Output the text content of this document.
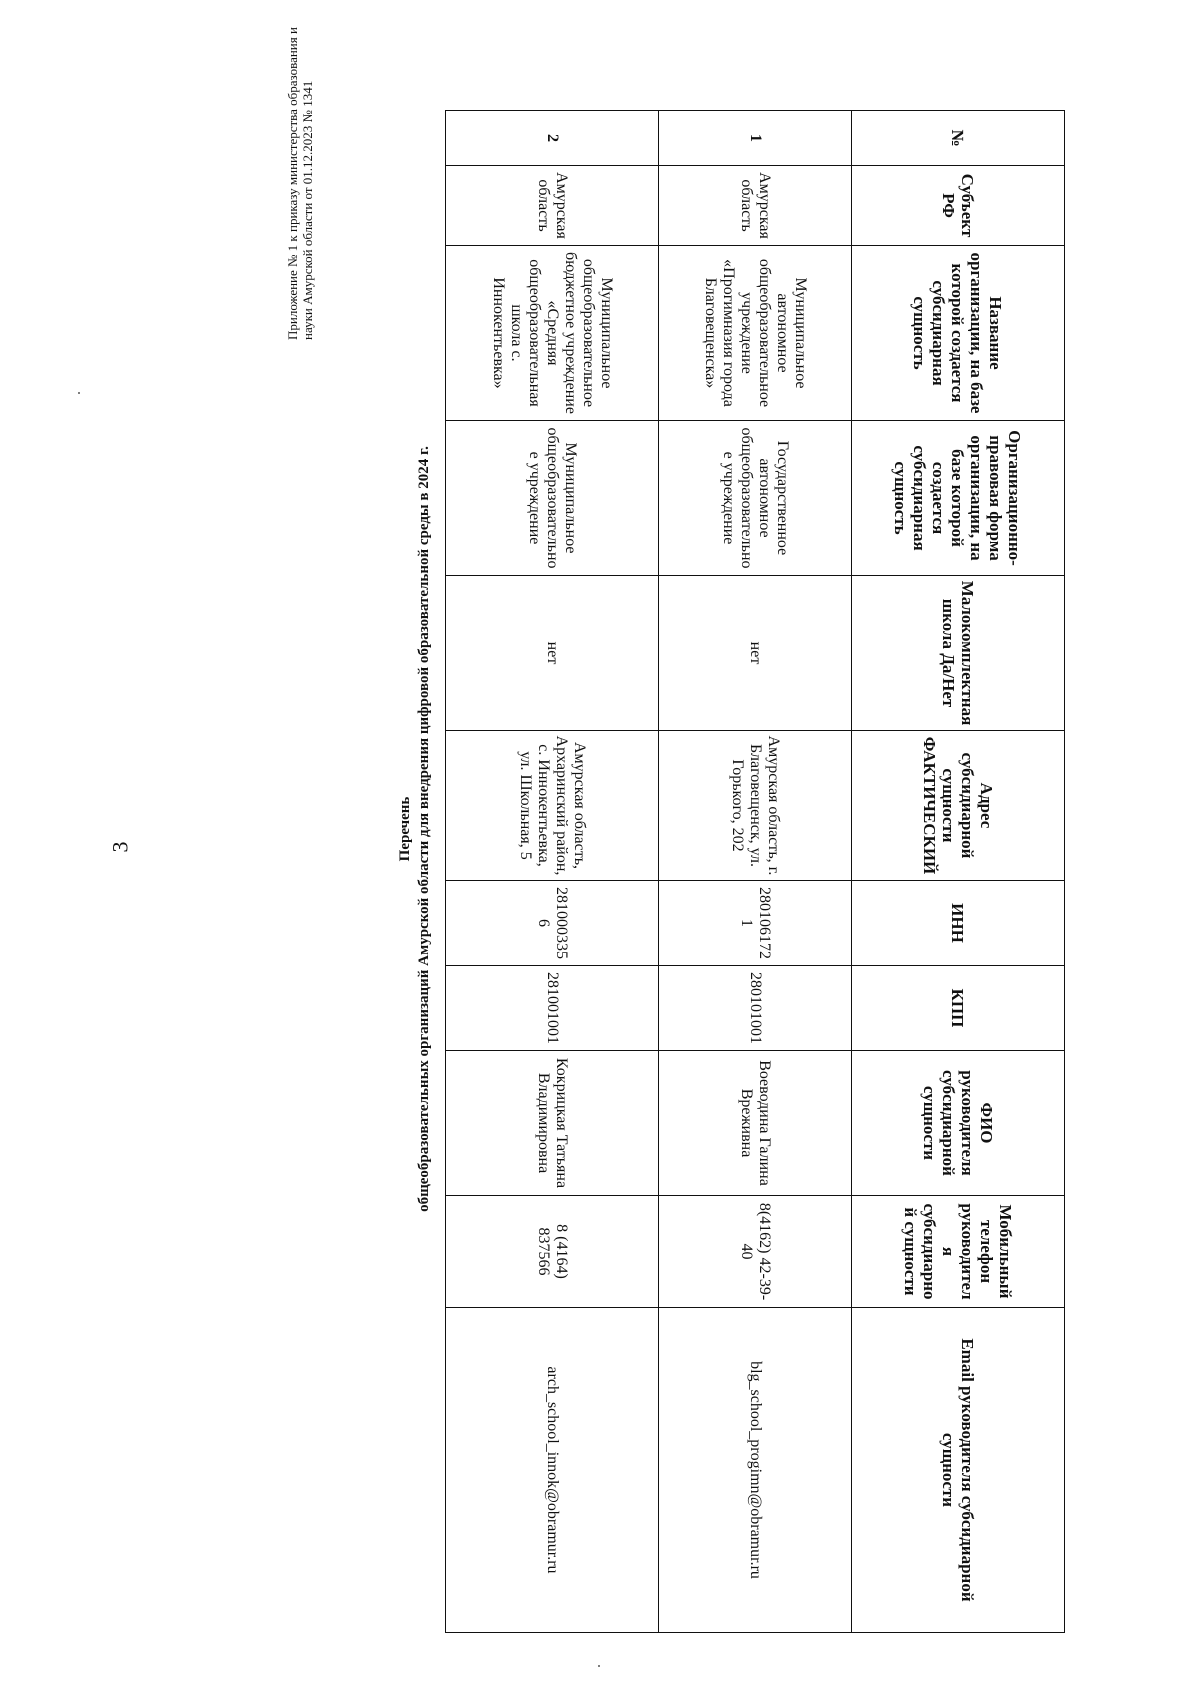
3
Приложение № 1 к приказу министерства образования и науки Амурской области от 01.12.2023 № 1341
Перечень общеобразовательных организаций Амурской области для внедрения цифровой образовательной среды в 2024 г.
№	Субъект РФ	Название организации, на базе которой создается субсидиарная сущность	Организационно-правовая форма организации, на базе которой создается субсидиарная сущность	Малокомплектная школа Да/Нет	Адрес субсидиарной сущности ФАКТИЧЕСКИЙ	ИНН	КПП	ФИО руководителя субсидиарной сущности	Мобильный телефон руководителя субсидиарной сущности	Email руководителя субсидиарной сущности
1	Амурская область	Муниципальное автономное общеобразовательное учреждение «Прогимназия города Благовещенска»	Государственное автономное общеобразовательное учреждение	нет	Амурская область, г. Благовещенск, ул. Горького, 202	2801061721	280101001	Воеводина Галина Вреживна	8(4162) 42-39-40	blg_school_progimn@obramur.ru
2	Амурская область	Муниципальное общеобразовательное бюджетное учреждение «Средняя общеобразовательная школа с. Иннокентьевка»	Муниципальное общеобразовательное учреждение	нет	Амурская область, Архаринский район, с. Иннокентьевка, ул. Школьная, 5	2810003356	281001001	Кокрицкая Татьяна Владимировна	8 (4164) 837566	arch_school_innok@obramur.ru
